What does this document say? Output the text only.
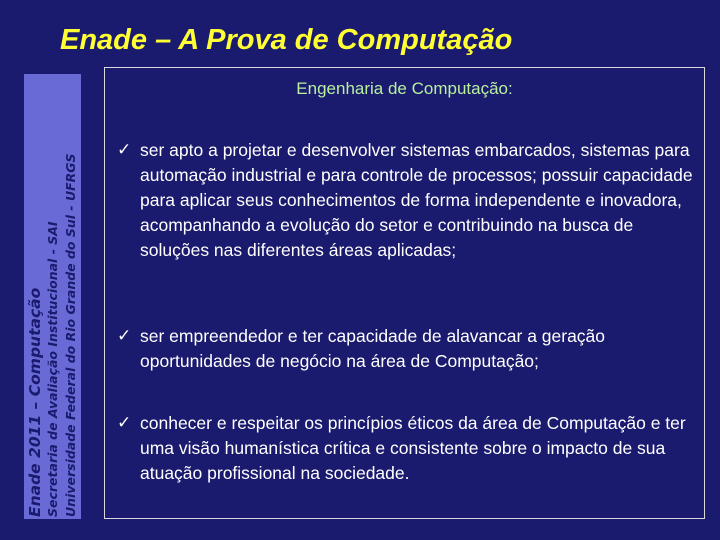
Enade – A Prova de Computação
Enade 2011 – Computação Secretaria de Avaliação Institucional - SAI Universidade Federal do Rio Grande do Sul - UFRGS
Engenharia de Computação:
✓ ser apto a projetar e desenvolver sistemas embarcados, sistemas para automação industrial e para controle de processos; possuir capacidade para aplicar seus conhecimentos de forma independente e inovadora, acompanhando a evolução do setor e contribuindo na busca de soluções nas diferentes áreas aplicadas;
✓ ser empreendedor e ter capacidade de alavancar a geração oportunidades de negócio na área de Computação;
✓ conhecer e respeitar os princípios éticos da área de Computação e ter uma visão humanística crítica e consistente sobre o impacto de sua atuação profissional na sociedade.
